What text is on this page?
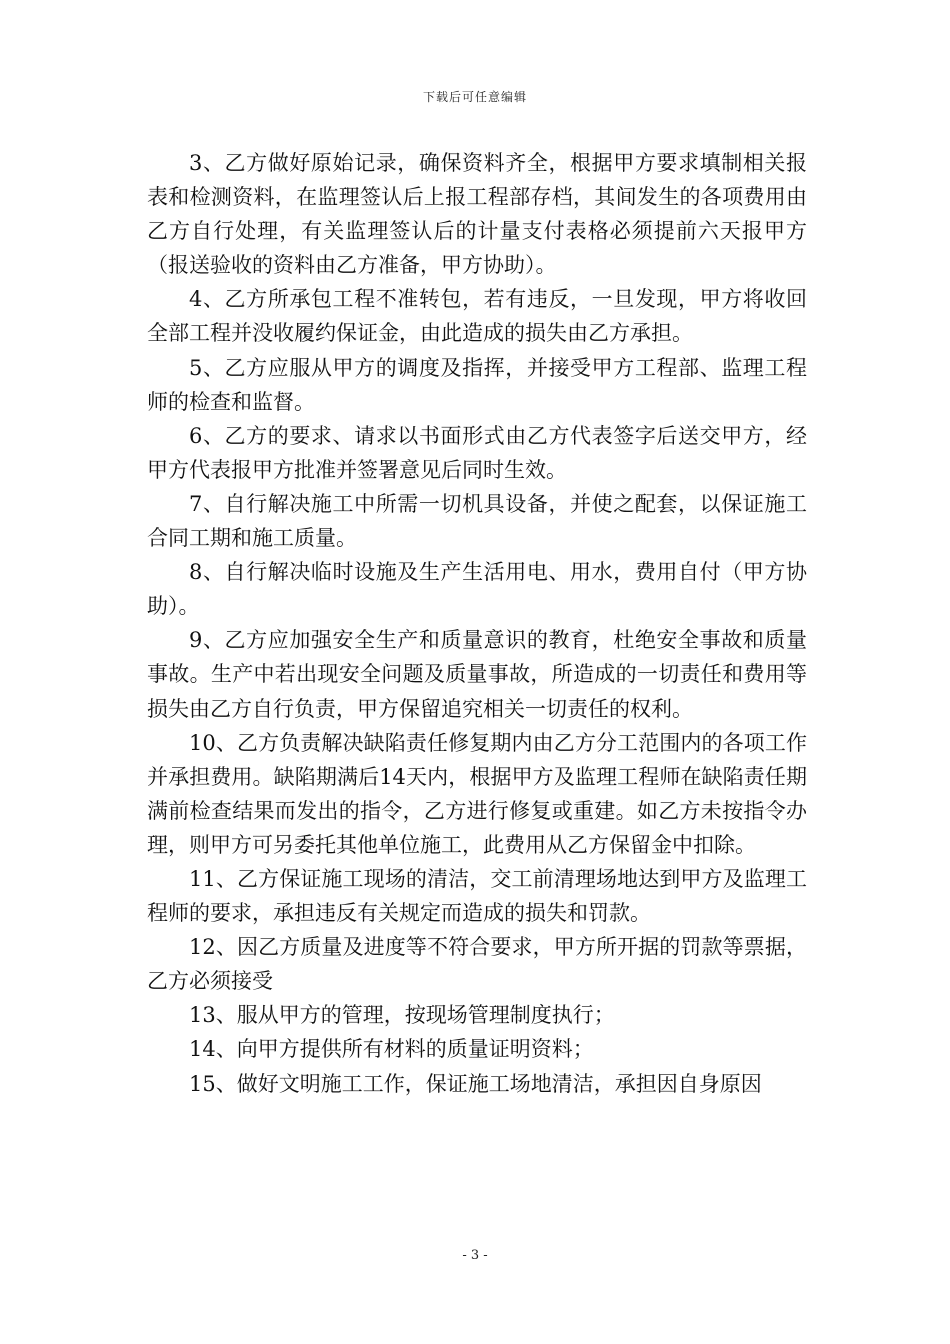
下载后可任意编辑

3、乙方做好原始记录，确保资料齐全，根据甲方要求填制相关报表和检测资料，在监理签认后上报工程部存档，其间发生的各项费用由乙方自行处理，有关监理签认后的计量支付表格必须提前六天报甲方（报送验收的资料由乙方准备，甲方协助）。

4、乙方所承包工程不准转包，若有违反，一旦发现，甲方将收回全部工程并没收履约保证金，由此造成的损失由乙方承担。

5、乙方应服从甲方的调度及指挥，并接受甲方工程部、监理工程师的检查和监督。

6、乙方的要求、请求以书面形式由乙方代表签字后送交甲方，经甲方代表报甲方批准并签署意见后同时生效。

7、自行解决施工中所需一切机具设备，并使之配套，以保证施工合同工期和施工质量。

8、自行解决临时设施及生产生活用电、用水，费用自付（甲方协助）。

9、乙方应加强安全生产和质量意识的教育，杜绝安全事故和质量事故。生产中若出现安全问题及质量事故，所造成的一切责任和费用等损失由乙方自行负责，甲方保留追究相关一切责任的权利。

10、乙方负责解决缺陷责任修复期内由乙方分工范围内的各项工作并承担费用。缺陷期满后14天内，根据甲方及监理工程师在缺陷责任期满前检查结果而发出的指令，乙方进行修复或重建。如乙方未按指令办理，则甲方可另委托其他单位施工，此费用从乙方保留金中扣除。

11、乙方保证施工现场的清洁，交工前清理场地达到甲方及监理工程师的要求，承担违反有关规定而造成的损失和罚款。

12、因乙方质量及进度等不符合要求，甲方所开据的罚款等票据，乙方必须接受

13、服从甲方的管理，按现场管理制度执行；

14、向甲方提供所有材料的质量证明资料；

15、做好文明施工工作，保证施工场地清洁，承担因自身原因

- 3 -
